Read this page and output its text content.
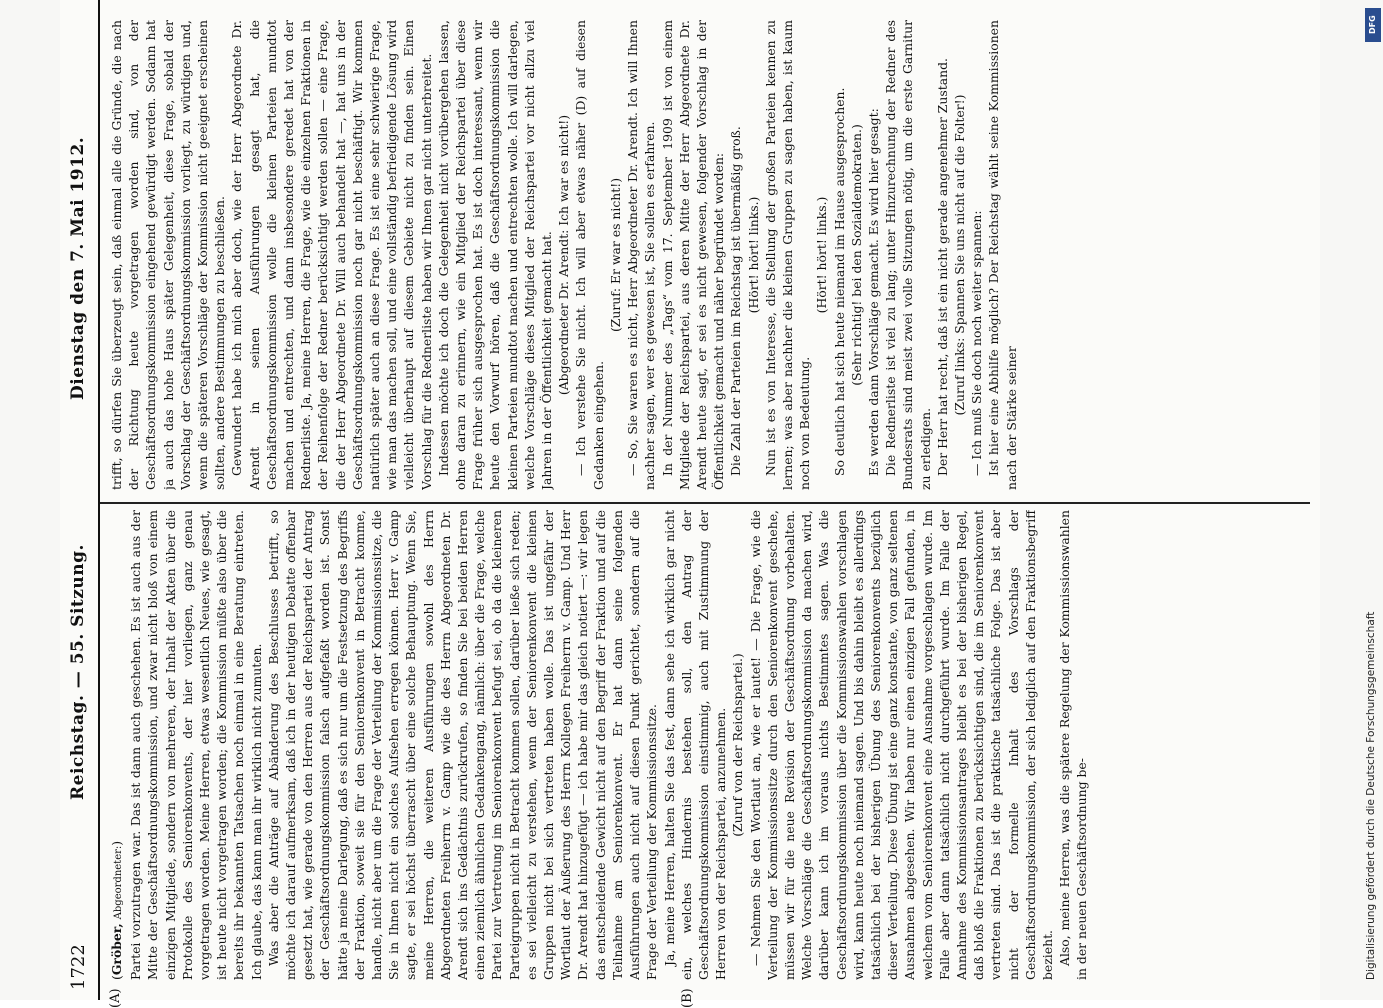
1722
Reichstag. — 55. Sitzung.
Dienstag den 7. Mai 1912.
(A)	(B)

(Gröber, Abgeordneter:) Partei vorzutragen war. Das ist dann auch geschehen. Es ist auch aus der Mitte der Geschäftsordnungskommission, und zwar nicht bloß von einem einzigen Mitgliede, sondern von mehreren, der Inhalt der Akten über die Protokolle des Seniorenkonvents, der hier vorliegen, ganz genau vorgetragen worden. Meine Herren, etwas wesentlich Neues, wie gesagt, ist heute nicht vorgetragen worden; die Kommission müßte also über die bereits ihr bekannten Tatsachen noch einmal in eine Beratung eintreten. Ich glaube, das kann man ihr wirklich nicht zumuten. Was aber die Anträge auf Abänderung des Beschlusses betrifft, so möchte ich darauf aufmerksam, daß ich in der heutigen Debatte offenbar gesetzt hat, wie gerade von den Herren aus der Reichspartei der Antrag der Geschäftsordnungskommission falsch aufgefaßt worden ist. Sonst hätte ja meine Darlegung, daß es sich nur um die Festsetzung des Begriffs der Fraktion, soweit sie für den Seniorenkonvent in Betracht komme, handle, nicht aber um die Frage der Verteilung der Kommissionssitze, die Sie in Ihnen nicht ein solches Aufsehen erregen können. Herr v. Gamp sagte, er sei höchst überrascht über eine solche Behauptung. Wenn Sie, meine Herren, die weiteren Ausführungen sowohl des Herrn Abgeordneten Freiherrn v. Gamp wie die des Herrn Abgeordneten Dr. Arendt sich ins Gedächtnis zurückrufen, so finden Sie bei beiden Herren einen ziemlich ähnlichen Gedankengang, nämlich: über die Frage, welche Partei zur Vertretung im Seniorenkonvent befugt sei, ob da die kleineren Parteigruppen nicht in Betracht kommen sollen, darüber ließe sich reden; es sei vielleicht zu verstehen, wenn der Seniorenkonvent die kleinen Gruppen nicht bei sich vertreten haben wolle. Das ist ungefähr der Wortlaut der Äußerung des Herrn Kollegen Freiherrn v. Gamp. Und Herr Dr. Arendt hat hinzugefügt — ich habe mir das gleich notiert —: wir legen das entscheidende Gewicht nicht auf den Begriff der Fraktion und auf die Teilnahme am Seniorenkonvent. Er hat dann seine folgenden Ausführungen auch nicht auf diesen Punkt gerichtet, sondern auf die Frage der Verteilung der Kommissionssitze. Ja, meine Herren, halten Sie das fest, dann sehe ich wirklich gar nicht ein, welches Hindernis bestehen soll, den Antrag der Geschäftsordnungskommission einstimmig, auch mit Zustimmung der Herren von der Reichspartei, anzunehmen. (Zuruf von der Reichspartei.) — Nehmen Sie den Wortlaut an, wie er lautet! — Die Frage, wie die Verteilung der Kommissionssitze durch den Seniorenkonvent geschehe, müssen wir für die neue Revision der Geschäftsordnung vorbehalten. Welche Vorschläge die Geschäftsordnungskommission da machen wird, darüber kann ich im voraus nichts Bestimmtes sagen. Was die Geschäftsordnungskommission über die Kommissionswahlen vorschlagen wird, kann heute noch niemand sagen. Und bis dahin bleibt es allerdings tatsächlich bei der bisherigen Übung des Seniorenkonvents bezüglich dieser Verteilung. Diese Übung ist eine ganz konstante, von ganz seltenen Ausnahmen abgesehen. Wir haben nur einen einzigen Fall gefunden, in welchem vom Seniorenkonvent eine Ausnahme vorgeschlagen wurde. Im Falle aber dann tatsächlich nicht durchgeführt wurde. Im Falle der Annahme des Kommissionsantrages bleibt es bei der bisherigen Regel, daß bloß die Fraktionen zu berücksichtigen sind, die im Seniorenkonvent vertreten sind. Das ist die praktische tatsächliche Folge. Das ist aber nicht der formelle Inhalt des Vorschlags der Geschäftsordnungskommission, der sich lediglich auf den Fraktionsbegriff bezieht. Also, meine Herren, was die spätere Regelung der Kommissionswahlen in der neuen Geschäftsordnung be-

trifft, so dürfen Sie überzeugt sein, daß einmal alle die Gründe, die nach der Richtung heute vorgetragen worden sind, von der Geschäftsordnungskommission eingehend gewürdigt werden. Sodann hat ja auch das hohe Haus später Gelegenheit, diese Frage, sobald der Vorschlag der Geschäftsordnungskommission vorliegt, zu würdigen und, wenn die späteren Vorschläge der Kommission nicht geeignet erscheinen sollten, andere Bestimmungen zu beschließen. Gewundert habe ich mich aber doch, wie der Herr Abgeordnete Dr. Arendt in seinen Ausführungen gesagt hat, die Geschäftsordnungskommission wolle die kleinen Parteien mundtot machen und entrechten, und dann insbesondere geredet hat von der Rednerliste. Ja, meine Herren, die Frage, wie die einzelnen Fraktionen in der Reihenfolge der Redner berücksichtigt werden sollen — eine Frage, die der Herr Abgeordnete Dr. Will auch behandelt hat —, hat uns in der Geschäftsordnungskommission noch gar nicht beschäftigt. Wir kommen natürlich später auch an diese Frage. Es ist eine sehr schwierige Frage, wie man das machen soll, und eine vollständig befriedigende Lösung wird vielleicht überhaupt auf diesem Gebiete nicht zu finden sein. Einen Vorschlag für die Rednerliste haben wir Ihnen gar nicht unterbreitet. Indessen möchte ich doch die Gelegenheit nicht vorübergehen lassen, ohne daran zu erinnern, wie ein Mitglied der Reichspartei über diese Frage früher sich ausgesprochen hat. Es ist doch interessant, wenn wir heute den Vorwurf hören, daß die Geschäftsordnungskommission die kleinen Parteien mundtot machen und entrechten wolle. Ich will darlegen, welche Vorschläge dieses Mitglied der Reichspartei vor nicht allzu viel Jahren in der Öffentlichkeit gemacht hat. (Abgeordneter Dr. Arendt: Ich war es nicht!) — Ich verstehe Sie nicht. Ich will aber etwas näher (D) auf diesen Gedanken eingehen.

(Zuruf: Er war es nicht!) — So, Sie waren es nicht, Herr Abgeordneter Dr. Arendt. Ich will Ihnen nachher sagen, wer es gewesen ist, Sie sollen es erfahren. In der Nummer des „Tags“ vom 17. September 1909 ist von einem Mitgliede der Reichspartei, aus deren Mitte der Herr Abgeordnete Dr. Arendt heute sagt, er sei es nicht gewesen, folgender Vorschlag in der Öffentlichkeit gemacht und näher begründet worden: Die Zahl der Parteien im Reichstag ist übermäßig groß. (Hört! hört! links.) Nun ist es von Interesse, die Stellung der großen Parteien kennen zu lernen; was aber nachher die kleinen Gruppen zu sagen haben, ist kaum noch von Bedeutung.

(Hört! hört! links.) So deutlich hat sich heute niemand im Hause ausgesprochen. (Sehr richtig! bei den Sozialdemokraten.) Es werden dann Vorschläge gemacht. Es wird hier gesagt: Die Rednerliste ist viel zu lang; unter Hinzurechnung der Redner des Bundesrats sind meist zwei volle Sitzungen nötig, um die erste Garnitur zu erledigen. Der Herr hat recht, daß ist ein nicht gerade angenehmer Zustand. (Zuruf links: Spannen Sie uns nicht auf die Folter!) — Ich muß Sie doch noch weiter spannen: Ist hier eine Abhilfe möglich? Der Reichstag wählt seine Kommissionen nach der Stärke seiner

Digitalisierung gefördert durch die Deutsche Forschungsgemeinschaft
DFG
